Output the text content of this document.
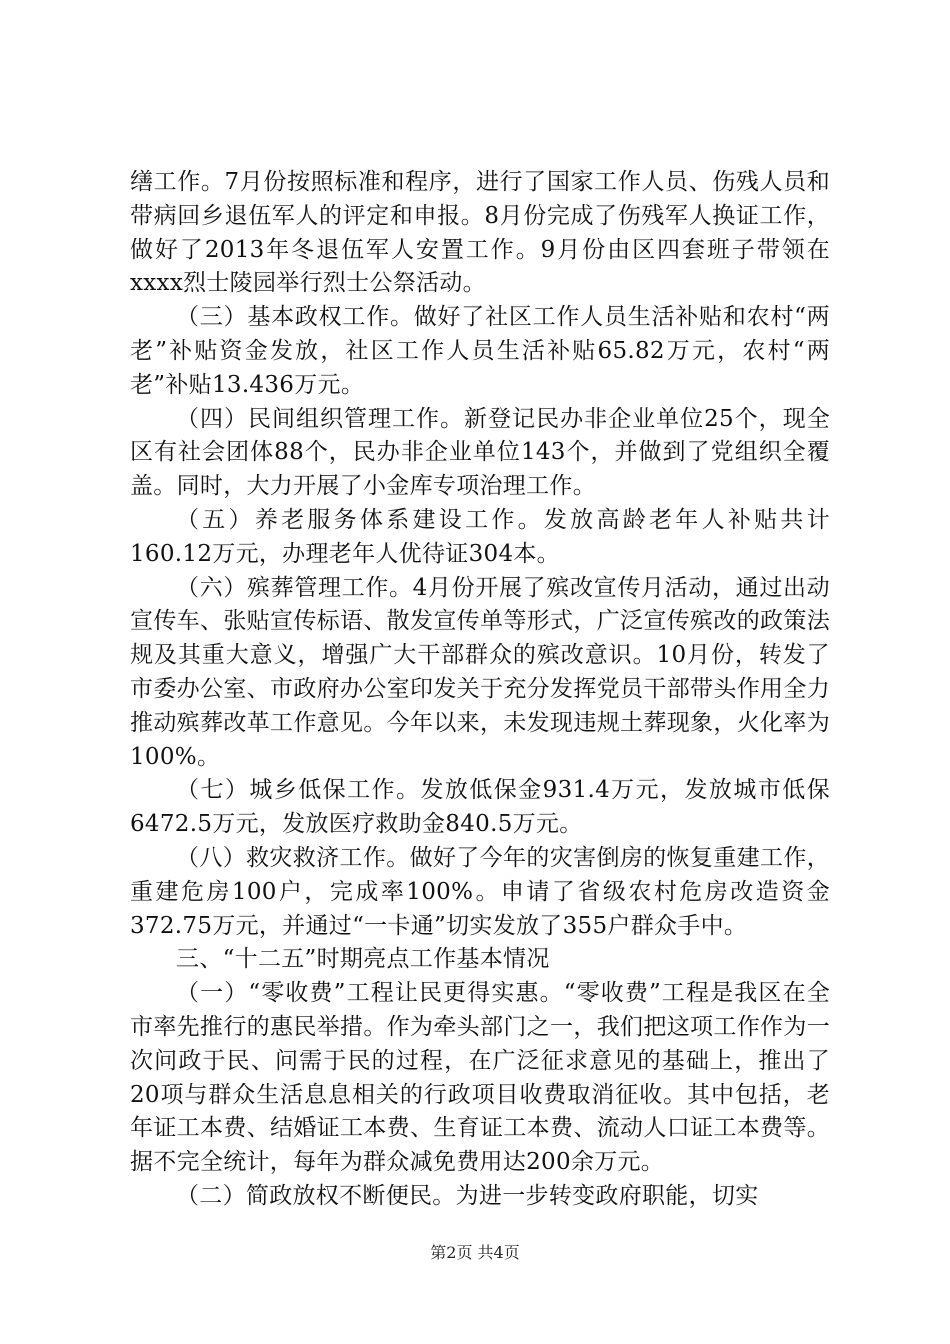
缮工作。7月份按照标准和程序，进行了国家工作人员、伤残人员和带病回乡退伍军人的评定和申报。8月份完成了伤残军人换证工作，做好了2013年冬退伍军人安置工作。9月份由区四套班子带领在xxxx烈士陵园举行烈士公祭活动。

（三）基本政权工作。做好了社区工作人员生活补贴和农村“两老”补贴资金发放，社区工作人员生活补贴65.82万元，农村“两老”补贴13.436万元。

（四）民间组织管理工作。新登记民办非企业单位25个，现全区有社会团体88个，民办非企业单位143个，并做到了党组织全覆盖。同时，大力开展了小金库专项治理工作。

（五）养老服务体系建设工作。发放高龄老年人补贴共计160.12万元，办理老年人优待证304本。

（六）殡葬管理工作。4月份开展了殡改宣传月活动，通过出动宣传车、张贴宣传标语、散发宣传单等形式，广泛宣传殡改的政策法规及其重大意义，增强广大干部群众的殡改意识。10月份，转发了市委办公室、市政府办公室印发关于充分发挥党员干部带头作用全力推动殡葬改革工作意见。今年以来，未发现违规土葬现象，火化率为100%。

（七）城乡低保工作。发放低保金931.4万元，发放城市低保6472.5万元，发放医疗救助金840.5万元。

（八）救灾救济工作。做好了今年的灾害倒房的恢复重建工作，重建危房100户，完成率100%。申请了省级农村危房改造资金372.75万元，并通过“一卡通”切实发放了355户群众手中。

三、“十二五”时期亮点工作基本情况

（一）“零收费”工程让民更得实惠。“零收费”工程是我区在全市率先推行的惠民举措。作为牵头部门之一，我们把这项工作作为一次问政于民、问需于民的过程，在广泛征求意见的基础上，推出了20项与群众生活息息相关的行政项目收费取消征收。其中包括，老年证工本费、结婚证工本费、生育证工本费、流动人口证工本费等。据不完全统计，每年为群众减免费用达200余万元。

（二）简政放权不断便民。为进一步转变政府职能，切实

第2页 共4页
